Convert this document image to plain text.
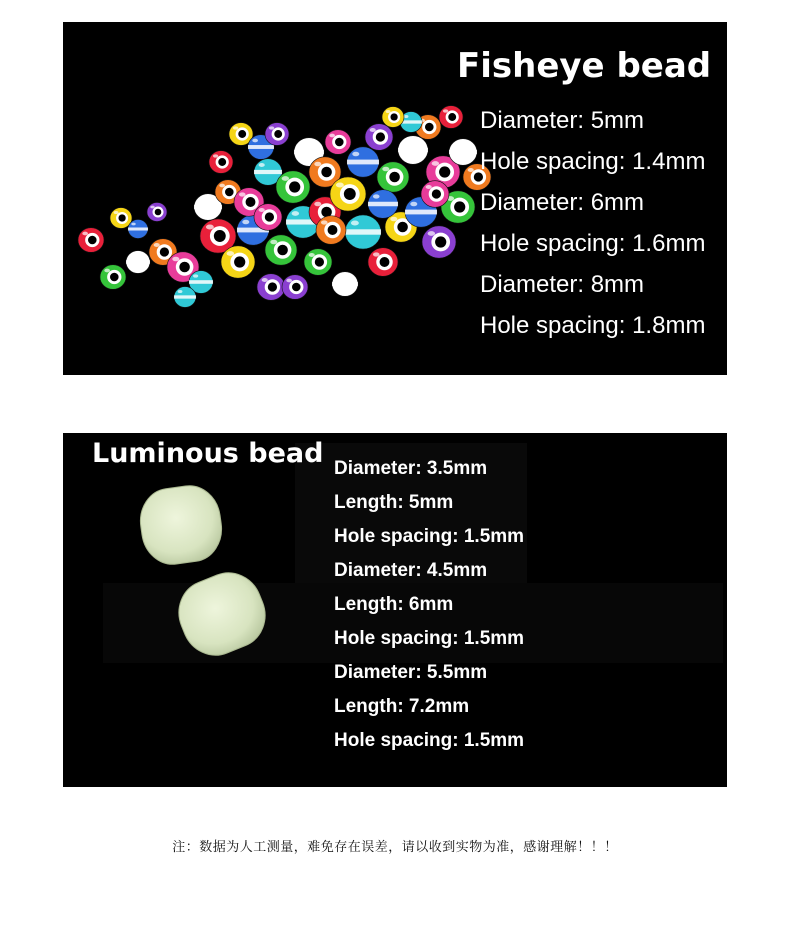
Fisheye bead
Diameter: 5mm
Hole spacing: 1.4mm
Diameter: 6mm
Hole spacing: 1.6mm
Diameter: 8mm
Hole spacing: 1.8mm
Luminous bead Diameter: 3.5mm
Length: 5mm
Hole spacing: 1.5mm
Diameter: 4.5mm
Length: 6mm
Hole spacing: 1.5mm
Diameter: 5.5mm
Length: 7.2mm
Hole spacing: 1.5mm
注：数据为人工测量，难免存在误差，请以收到实物为准，感谢理解！！！
